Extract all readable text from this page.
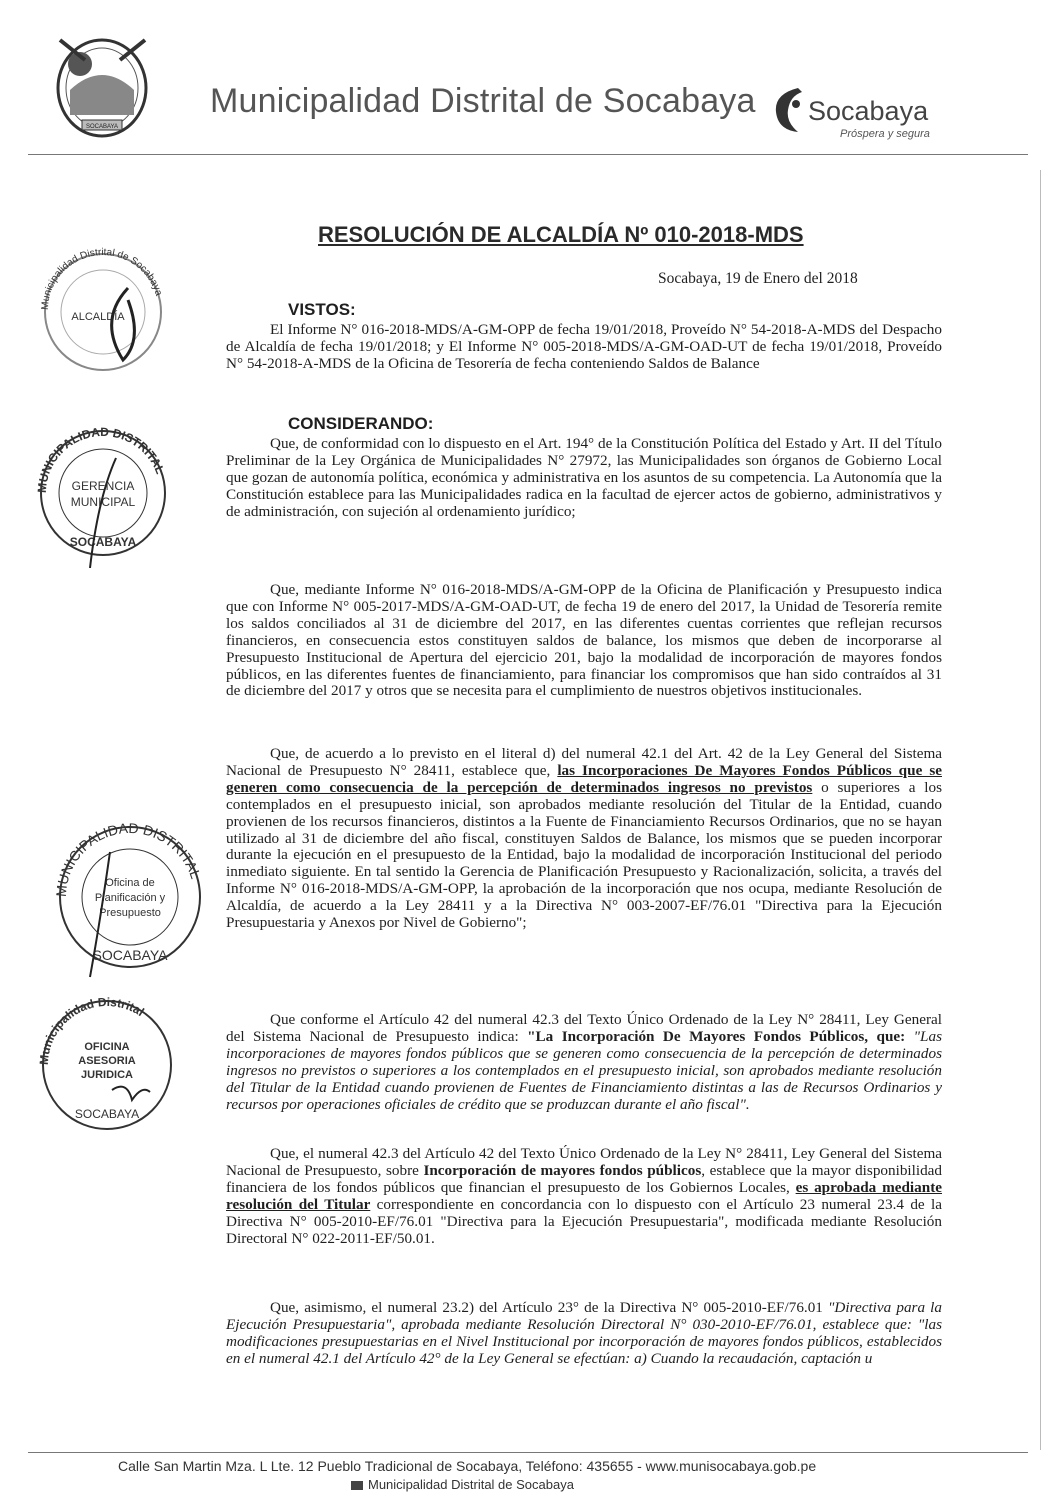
SOCABAYA
Municipalidad Distrital de Socabaya Socabaya
Próspera y segura
RESOLUCIÓN DE ALCALDÍA Nº 010-2018-MDS
Socabaya, 19 de Enero del 2018
VISTOS:
El Informe N° 016-2018-MDS/A-GM-OPP de fecha 19/01/2018, Proveído N° 54-2018-A-MDS del Despacho de Alcaldía de fecha 19/01/2018; y El Informe N° 005-2018-MDS/A-GM-OAD-UT de fecha 19/01/2018, Proveído N° 54-2018-A-MDS de la Oficina de Tesorería de fecha conteniendo Saldos de Balance
CONSIDERANDO:
Que, de conformidad con lo dispuesto en el Art. 194° de la Constitución Política del Estado y Art. II del Título Preliminar de la Ley Orgánica de Municipalidades N° 27972, las Municipalidades son órganos de Gobierno Local que gozan de autonomía política, económica y administrativa en los asuntos de su competencia. La Autonomía que la Constitución establece para las Municipalidades radica en la facultad de ejercer actos de gobierno, administrativos y de administración, con sujeción al ordenamiento jurídico;
Que, mediante Informe N° 016-2018-MDS/A-GM-OPP de la Oficina de Planificación y Presupuesto indica que con Informe N° 005-2017-MDS/A-GM-OAD-UT, de fecha 19 de enero del 2017, la Unidad de Tesorería remite los saldos conciliados al 31 de diciembre del 2017, en las diferentes cuentas corrientes que reflejan recursos financieros, en consecuencia estos constituyen saldos de balance, los mismos que deben de incorporarse al Presupuesto Institucional de Apertura del ejercicio 201, bajo la modalidad de incorporación de mayores fondos públicos, en las diferentes fuentes de financiamiento, para financiar los compromisos que han sido contraídos al 31 de diciembre del 2017 y otros que se necesita para el cumplimiento de nuestros objetivos institucionales.
Que, de acuerdo a lo previsto en el literal d) del numeral 42.1 del Art. 42 de la Ley General del Sistema Nacional de Presupuesto N° 28411, establece que, las Incorporaciones De Mayores Fondos Públicos que se generen como consecuencia de la percepción de determinados ingresos no previstos o superiores a los contemplados en el presupuesto inicial, son aprobados mediante resolución del Titular de la Entidad, cuando provienen de los recursos financieros, distintos a la Fuente de Financiamiento Recursos Ordinarios, que no se hayan utilizado al 31 de diciembre del año fiscal, constituyen Saldos de Balance, los mismos que se pueden incorporar durante la ejecución en el presupuesto de la Entidad, bajo la modalidad de incorporación Institucional del periodo inmediato siguiente. En tal sentido la Gerencia de Planificación Presupuesto y Racionalización, solicita, a través del Informe N° 016-2018-MDS/A-GM-OPP, la aprobación de la incorporación que nos ocupa, mediante Resolución de Alcaldía, de acuerdo a la Ley 28411 y a la Directiva N° 003-2007-EF/76.01 "Directiva para la Ejecución Presupuestaria y Anexos por Nivel de Gobierno";
Que conforme el Artículo 42 del numeral 42.3 del Texto Único Ordenado de la Ley N° 28411, Ley General del Sistema Nacional de Presupuesto indica: "La Incorporación De Mayores Fondos Públicos, que: "Las incorporaciones de mayores fondos públicos que se generen como consecuencia de la percepción de determinados ingresos no previstos o superiores a los contemplados en el presupuesto inicial, son aprobados mediante resolución del Titular de la Entidad cuando provienen de Fuentes de Financiamiento distintas a las de Recursos Ordinarios y recursos por operaciones oficiales de crédito que se produzcan durante el año fiscal".
Que, el numeral 42.3 del Artículo 42 del Texto Único Ordenado de la Ley N° 28411, Ley General del Sistema Nacional de Presupuesto, sobre Incorporación de mayores fondos públicos, establece que la mayor disponibilidad financiera de los fondos públicos que financian el presupuesto de los Gobiernos Locales, es aprobada mediante resolución del Titular correspondiente en concordancia con lo dispuesto con el Artículo 23 numeral 23.4 de la Directiva N° 005-2010-EF/76.01 "Directiva para la Ejecución Presupuestaria", modificada mediante Resolución Directoral N° 022-2011-EF/50.01.
Que, asimismo, el numeral 23.2) del Artículo 23° de la Directiva N° 005-2010-EF/76.01 "Directiva para la Ejecución Presupuestaria", aprobada mediante Resolución Directoral N° 030-2010-EF/76.01, establece que: "las modificaciones presupuestarias en el Nivel Institucional por incorporación de mayores fondos públicos, establecidos en el numeral 42.1 del Artículo 42° de la Ley General se efectúan: a) Cuando la recaudación, captación u
Municipalidad Distrital de Socabaya
ALCALDÍA
MUNICIPALIDAD DISTRITAL
GERENCIA
MUNICIPAL
SOCABAYA
MUNICIPALIDAD DISTRITAL
Oficina de
Planificación y
Presupuesto
SOCABAYA
Municipalidad Distrital
OFICINA
ASESORIA
JURIDICA
SOCABAYA
Calle San Martin Mza. L Lte. 12 Pueblo Tradicional de Socabaya, Teléfono: 435655 - www.munisocabaya.gob.pe
Municipalidad Distrital de Socabaya
